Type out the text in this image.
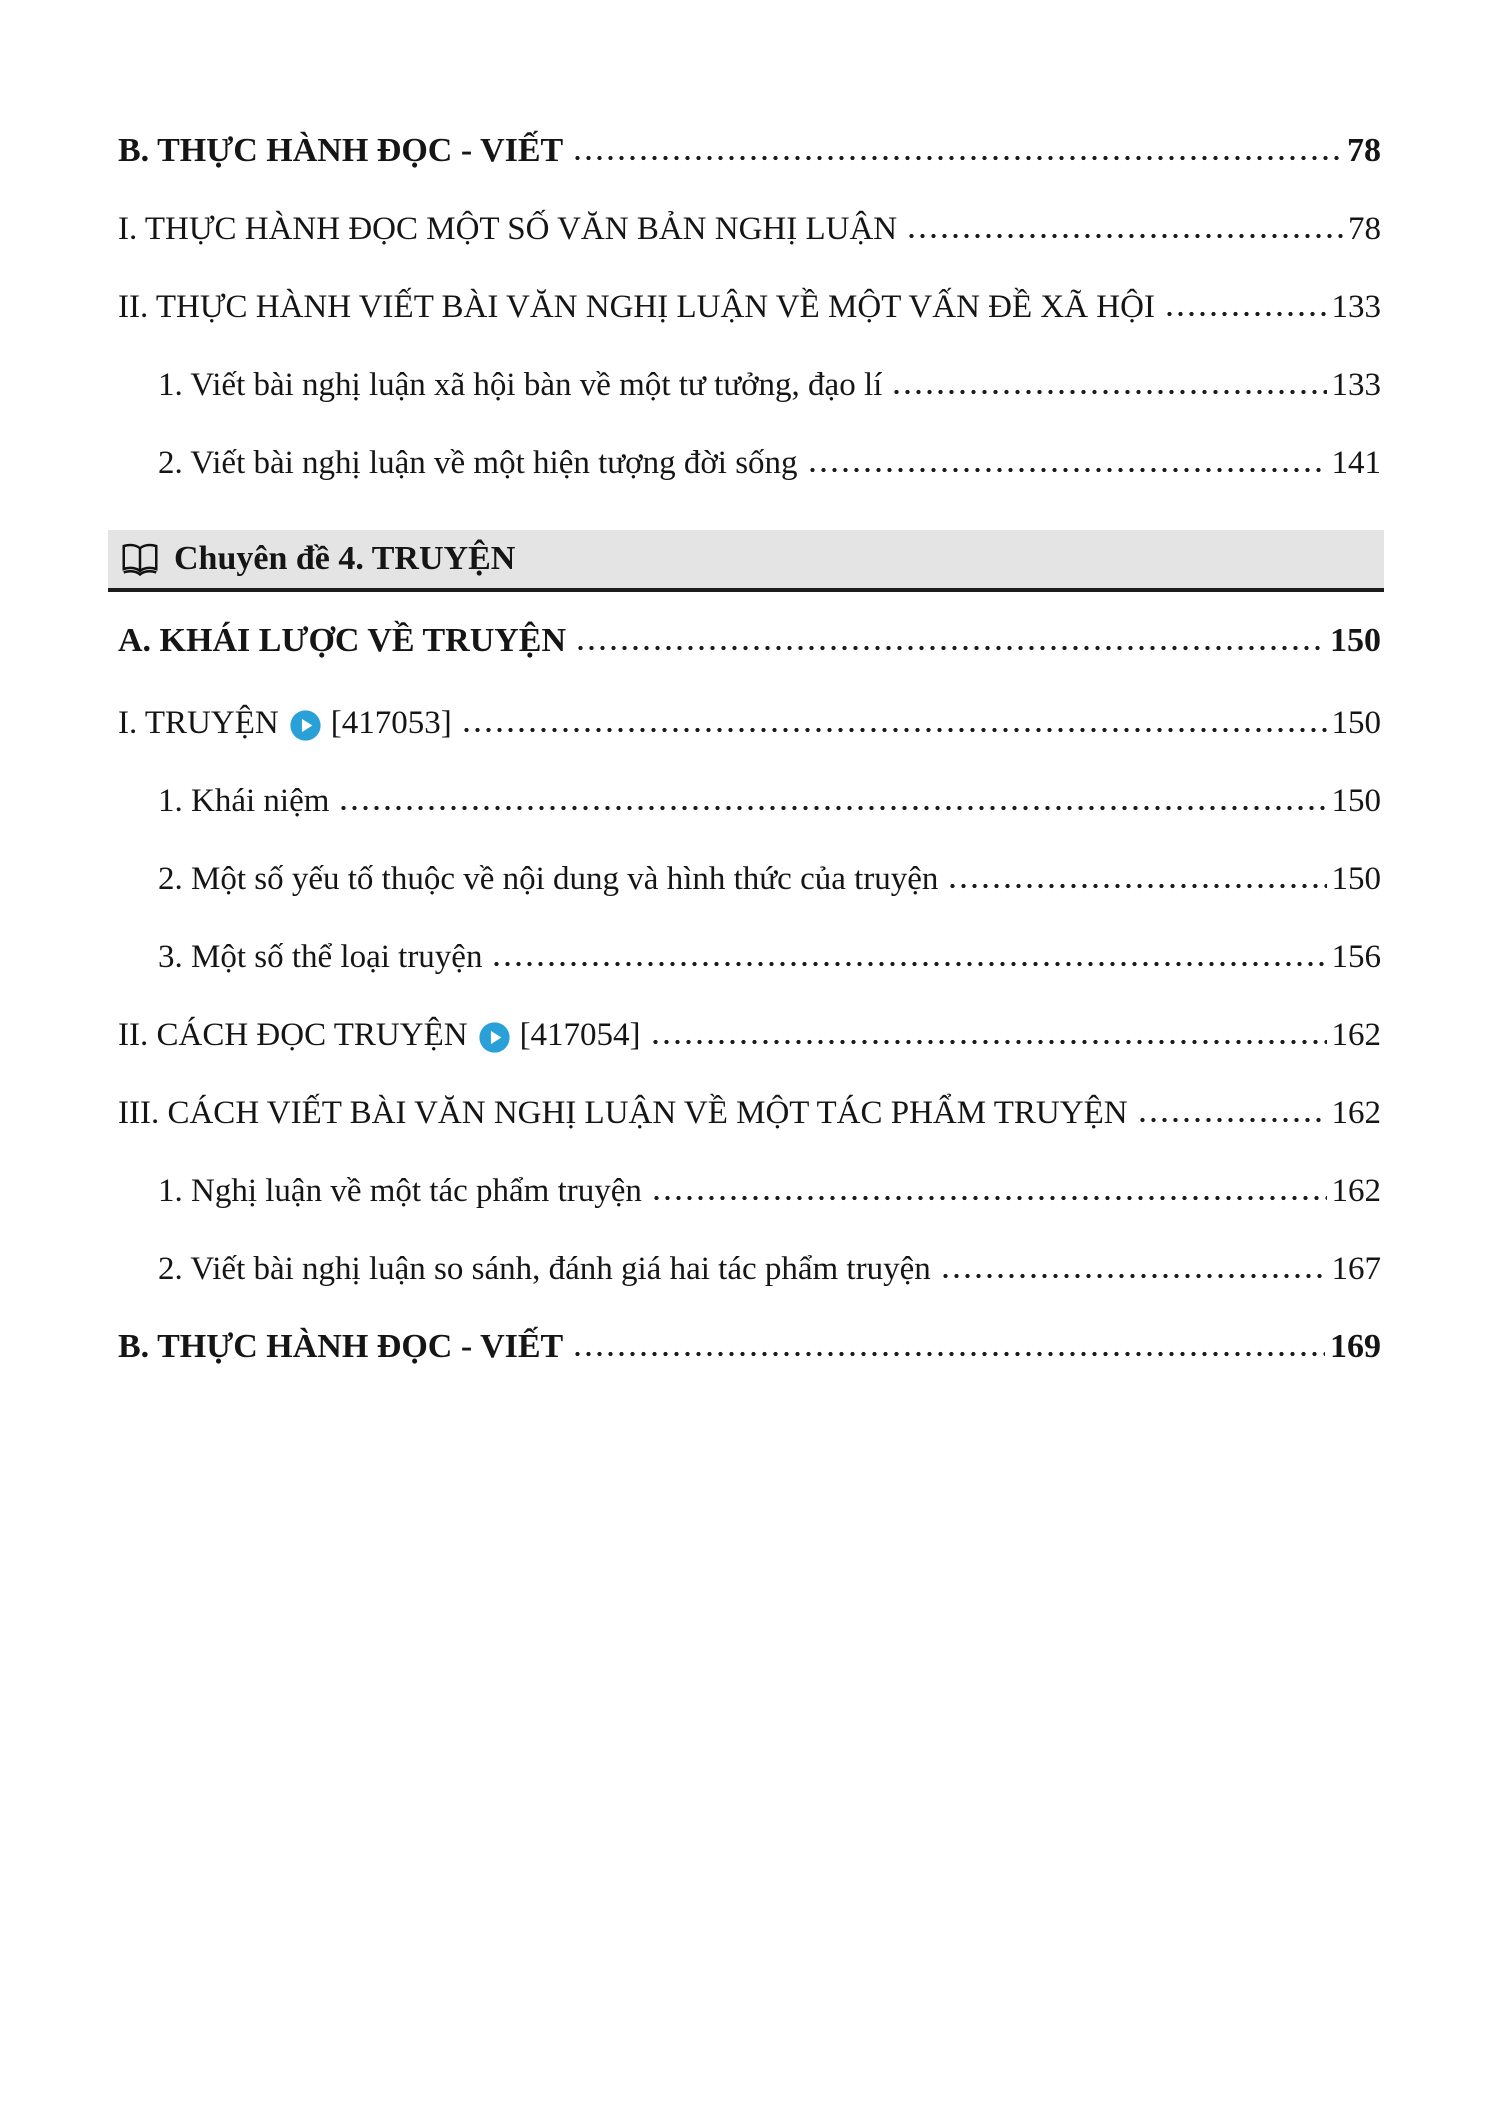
B. THỰC HÀNH ĐỌC - VIẾT	78
I. THỰC HÀNH ĐỌC MỘT SỐ VĂN BẢN NGHỊ LUẬN	78
II. THỰC HÀNH VIẾT BÀI VĂN NGHỊ LUẬN VỀ MỘT VẤN ĐỀ XÃ HỘI	133
1. Viết bài nghị luận xã hội bàn về một tư tưởng, đạo lí	133
2. Viết bài nghị luận về một hiện tượng đời sống	141
Chuyên đề 4. TRUYỆN
A. KHÁI LƯỢC VỀ TRUYỆN	150
I. TRUYỆN [417053]	150
1. Khái niệm	150
2. Một số yếu tố thuộc về nội dung và hình thức của truyện	150
3. Một số thể loại truyện	156
II. CÁCH ĐỌC TRUYỆN [417054]	162
III. CÁCH VIẾT BÀI VĂN NGHỊ LUẬN VỀ MỘT TÁC PHẨM TRUYỆN	162
1. Nghị luận về một tác phẩm truyện	162
2. Viết bài nghị luận so sánh, đánh giá hai tác phẩm truyện	167
B. THỰC HÀNH ĐỌC - VIẾT	169
